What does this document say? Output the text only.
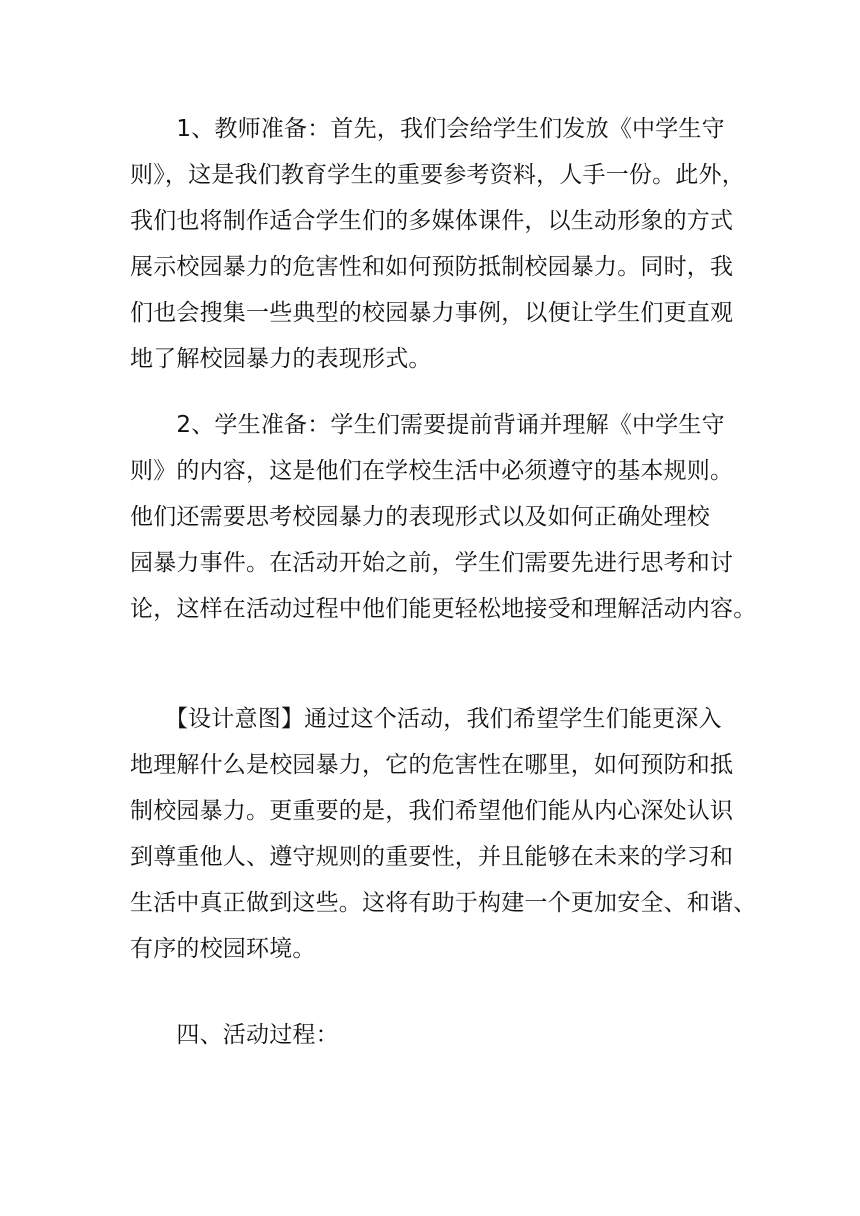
　　1、教师准备：首先，我们会给学生们发放《中学生守
则》，这是我们教育学生的重要参考资料，人手一份。此外，
我们也将制作适合学生们的多媒体课件，以生动形象的方式
展示校园暴力的危害性和如何预防抵制校园暴力。同时，我
们也会搜集一些典型的校园暴力事例，以便让学生们更直观
地了解校园暴力的表现形式。
　　2、学生准备：学生们需要提前背诵并理解《中学生守
则》的内容，这是他们在学校生活中必须遵守的基本规则。
他们还需要思考校园暴力的表现形式以及如何正确处理校
园暴力事件。在活动开始之前，学生们需要先进行思考和讨
论，这样在活动过程中他们能更轻松地接受和理解活动内容。
　　【设计意图】通过这个活动，我们希望学生们能更深入
地理解什么是校园暴力，它的危害性在哪里，如何预防和抵
制校园暴力。更重要的是，我们希望他们能从内心深处认识
到尊重他人、遵守规则的重要性，并且能够在未来的学习和
生活中真正做到这些。这将有助于构建一个更加安全、和谐、
有序的校园环境。
　　四、活动过程：
